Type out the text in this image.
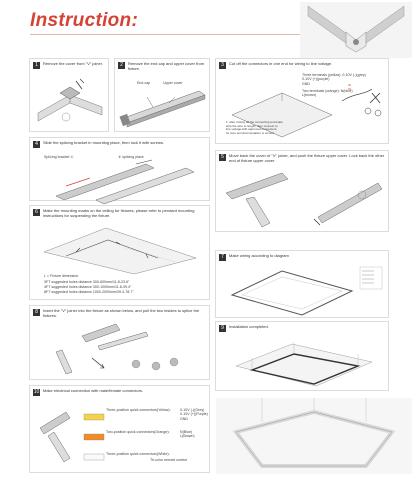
Instruction:
1	Remove the cover from "V" joiner.	2	Remove the end cap and upper cover from fixture.
End cap	Upper cover
3	Cut off the connectors in one end for wiring to line voltage.
Three terminals (yellow): 0-10V (-)(grey)
0-10V (+)(purple)
GND
Two terminals (orange): N(blue)
L(brown)
1. after cutting off the connecting terminals,
strip the wire to length; then connect to
line voltage with approved connectors;
be sure terminal insulation is correct.
4	Slide the splicing bracket in mounting place, then lock it with screws.
Splicing bracket ①	② splicing place	5	Move back the cover of "V" joiner, and push the fixture upper cover. Lock back the other end of fixture upper cover.
6	Make the mounting marks on the ceiling for fixtures, please refer to pendant mounting instructions for suspending the fixture.
L = Fixture dimension
3FT suggested holes distance 300-600mm/11.8-23.6"
4FT suggested holes distance 300-1000mm/11.8-39.4"
8FT suggested holes distance 1000-2000mm/39.4-78.7"
7	Make wiring according to diagram
8	Insert the "V" joiner into the fixture as shown below, and pull the two insides to splice the fixtures.
9	Installation completed.
10 Make electrical connection with male/female connectors.
Three-position quick connectors(Yellow):	0-10V (-)(Grey)
0-10V (+)(Purple)
GND
Two-position quick connectors(Orange):	N(Blue)
L(Brown)
Three-position quick connectors(White):
Tri-color remote control
